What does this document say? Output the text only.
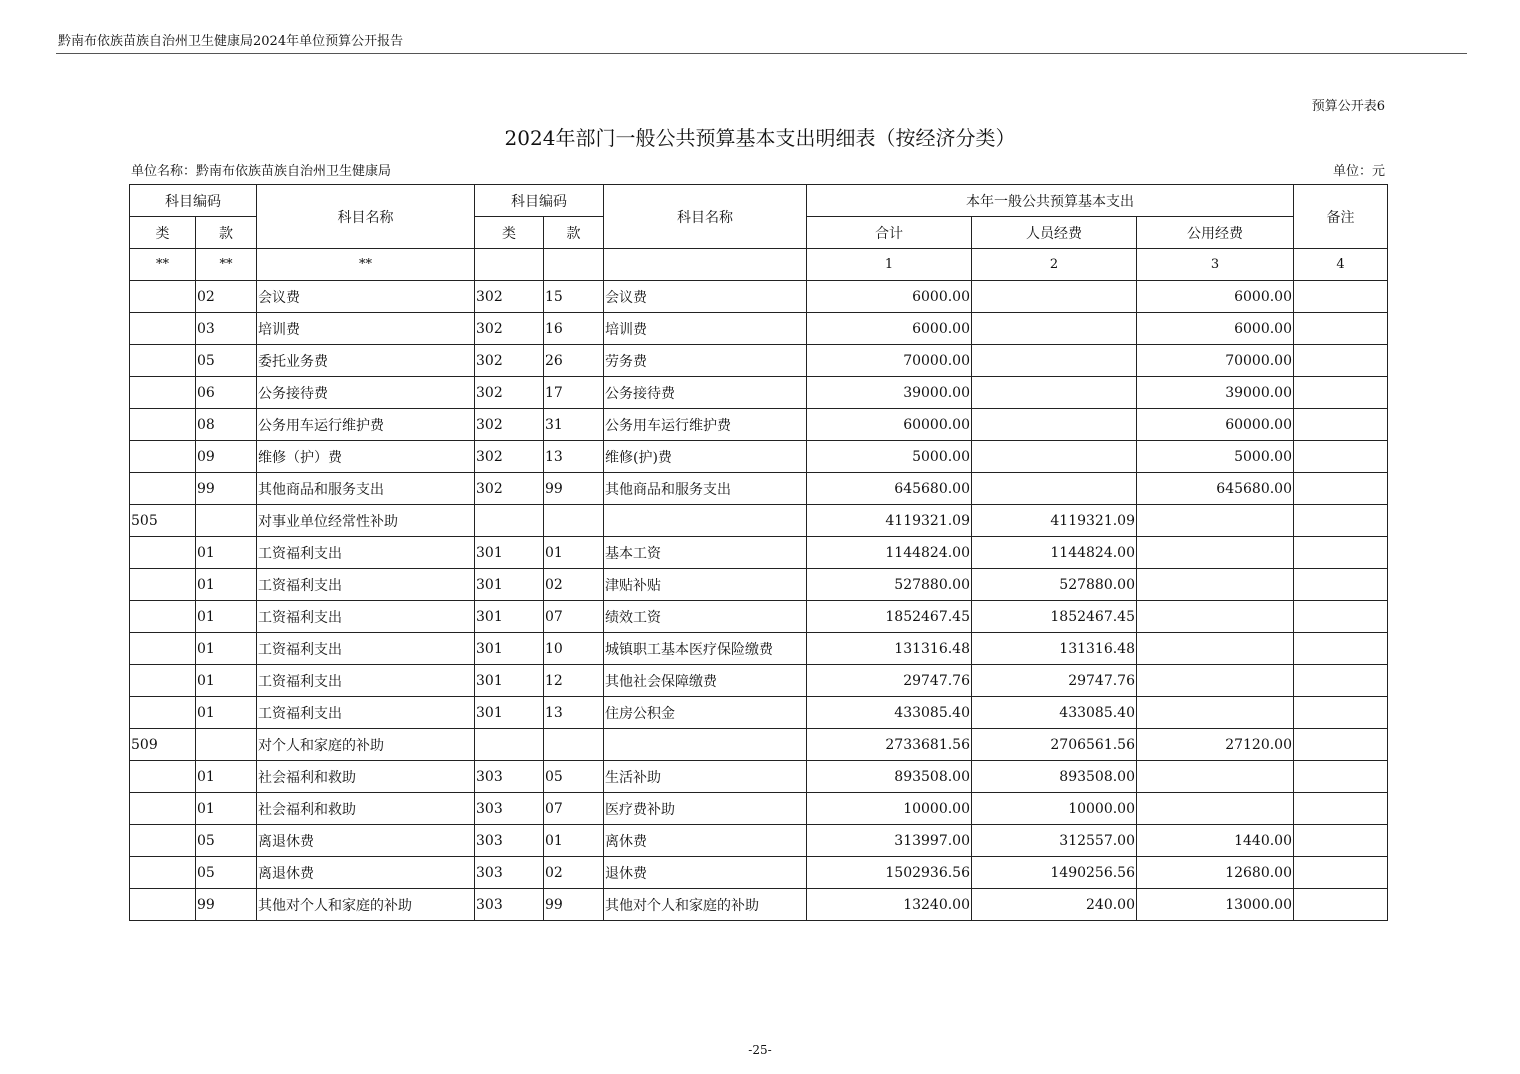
黔南布依族苗族自治州卫生健康局2024年单位预算公开报告
预算公开表6
2024年部门一般公共预算基本支出明细表（按经济分类）
单位名称：黔南布依族苗族自治州卫生健康局	单位：元
科目编码		科目名称	科目编码		科目名称	本年一般公共预算基本支出			备注
类	款		类	款		合计	人员经费	公用经费	
**	**	**				1	2	3	4
	02	会议费	302	15	会议费	6000.00		6000.00	
	03	培训费	302	16	培训费	6000.00		6000.00	
	05	委托业务费	302	26	劳务费	70000.00		70000.00	
	06	公务接待费	302	17	公务接待费	39000.00		39000.00	
	08	公务用车运行维护费	302	31	公务用车运行维护费	60000.00		60000.00	
	09	维修（护）费	302	13	维修(护)费	5000.00		5000.00	
	99	其他商品和服务支出	302	99	其他商品和服务支出	645680.00		645680.00	
505		对事业单位经常性补助				4119321.09	4119321.09		
	01	工资福利支出	301	01	基本工资	1144824.00	1144824.00		
	01	工资福利支出	301	02	津贴补贴	527880.00	527880.00		
	01	工资福利支出	301	07	绩效工资	1852467.45	1852467.45		
	01	工资福利支出	301	10	城镇职工基本医疗保险缴费	131316.48	131316.48		
	01	工资福利支出	301	12	其他社会保障缴费	29747.76	29747.76		
	01	工资福利支出	301	13	住房公积金	433085.40	433085.40		
509		对个人和家庭的补助				2733681.56	2706561.56	27120.00	
	01	社会福利和救助	303	05	生活补助	893508.00	893508.00		
	01	社会福利和救助	303	07	医疗费补助	10000.00	10000.00		
	05	离退休费	303	01	离休费	313997.00	312557.00	1440.00	
	05	离退休费	303	02	退休费	1502936.56	1490256.56	12680.00	
	99	其他对个人和家庭的补助	303	99	其他对个人和家庭的补助	13240.00	240.00	13000.00	
-25-
